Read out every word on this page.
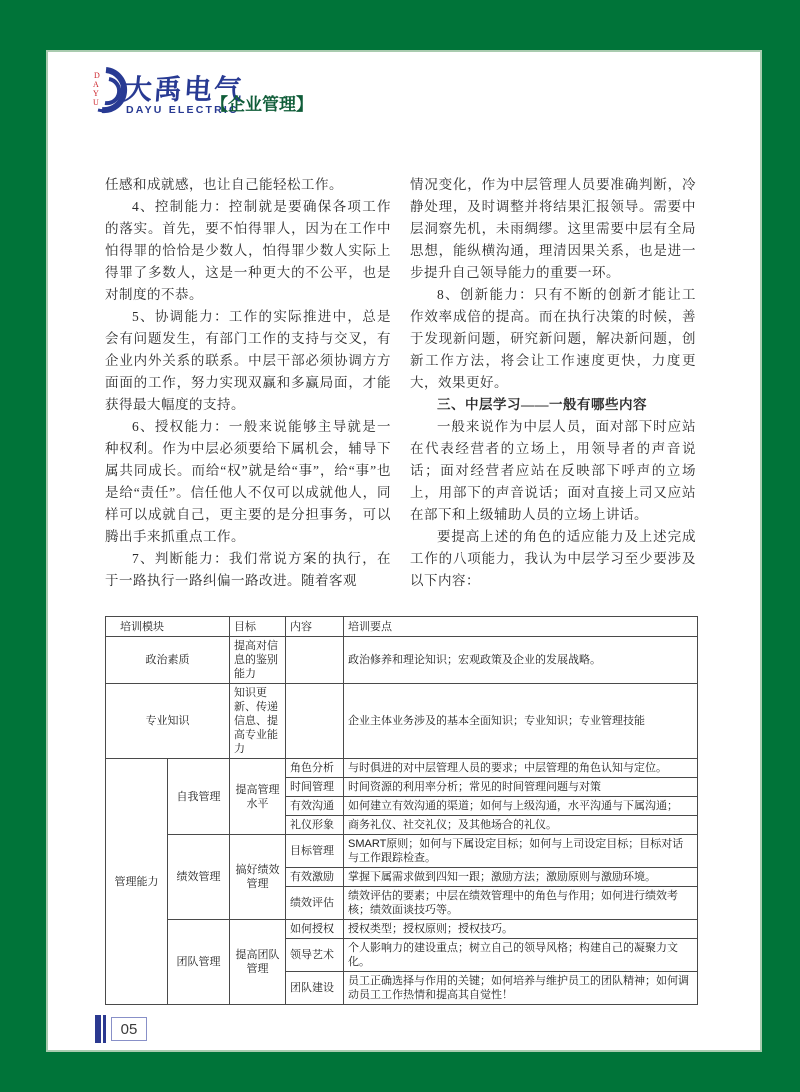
D
A
Y
U 大禹电气
DAYU ELECTRIC
【企业管理】

任感和成就感，也让自己能轻松工作。

4、控制能力：控制就是要确保各项工作的落实。首先，要不怕得罪人，因为在工作中怕得罪的恰恰是少数人，怕得罪少数人实际上得罪了多数人，这是一种更大的不公平，也是对制度的不恭。

5、协调能力：工作的实际推进中，总是会有问题发生，有部门工作的支持与交叉，有企业内外关系的联系。中层干部必须协调方方面面的工作，努力实现双赢和多赢局面，才能获得最大幅度的支持。

6、授权能力：一般来说能够主导就是一种权利。作为中层必须要给下属机会，辅导下属共同成长。而给“权”就是给“事”，给“事”也是给“责任”。信任他人不仅可以成就他人，同样可以成就自己，更主要的是分担事务，可以腾出手来抓重点工作。

7、判断能力：我们常说方案的执行，在于一路执行一路纠偏一路改进。随着客观

情况变化，作为中层管理人员要准确判断，冷静处理，及时调整并将结果汇报领导。需要中层洞察先机，未雨绸缪。这里需要中层有全局思想，能纵横沟通，理清因果关系，也是进一步提升自己领导能力的重要一环。

8、创新能力：只有不断的创新才能让工作效率成倍的提高。而在执行决策的时候，善于发现新问题，研究新问题，解决新问题，创新工作方法，将会让工作速度更快，力度更大，效果更好。

三、中层学习——一般有哪些内容

一般来说作为中层人员，面对部下时应站在代表经营者的立场上，用领导者的声音说话；面对经营者应站在反映部下呼声的立场上，用部下的声音说话；面对直接上司又应站在部下和上级辅助人员的立场上讲话。

要提高上述的角色的适应能力及上述完成工作的八项能力，我认为中层学习至少要涉及以下内容：

培训模块		目标	内容	培训要点
政治素质		提高对信息的鉴别能力		政治修养和理论知识；宏观政策及企业的发展战略。
专业知识		知识更新、传递信息、提高专业能力		企业主体业务涉及的基本全面知识；专业知识；专业管理技能
管理能力	自我管理	提高管理水平	角色分析	与时俱进的对中层管理人员的要求；中层管理的角色认知与定位。
			时间管理	时间资源的利用率分析；常见的时间管理问题与对策
			有效沟通	如何建立有效沟通的渠道；如何与上级沟通，水平沟通与下属沟通；
			礼仪形象	商务礼仪、社交礼仪；及其他场合的礼仪。
	绩效管理	搞好绩效管理	目标管理	SMART原则；如何与下属设定目标；如何与上司设定目标；目标对话与工作跟踪检查。
			有效激励	掌握下属需求做到四知一跟；激励方法；激励原则与激励环境。
			绩效评估	绩效评估的要素；中层在绩效管理中的角色与作用；如何进行绩效考核；绩效面谈技巧等。
	团队管理	提高团队管理	如何授权	授权类型；授权原则；授权技巧。
			领导艺术	个人影响力的建设重点；树立自己的领导风格；构建自己的凝聚力文化。
			团队建设	员工正确选择与作用的关键；如何培养与维护员工的团队精神；如何调动员工工作热情和提高其自觉性！
05
